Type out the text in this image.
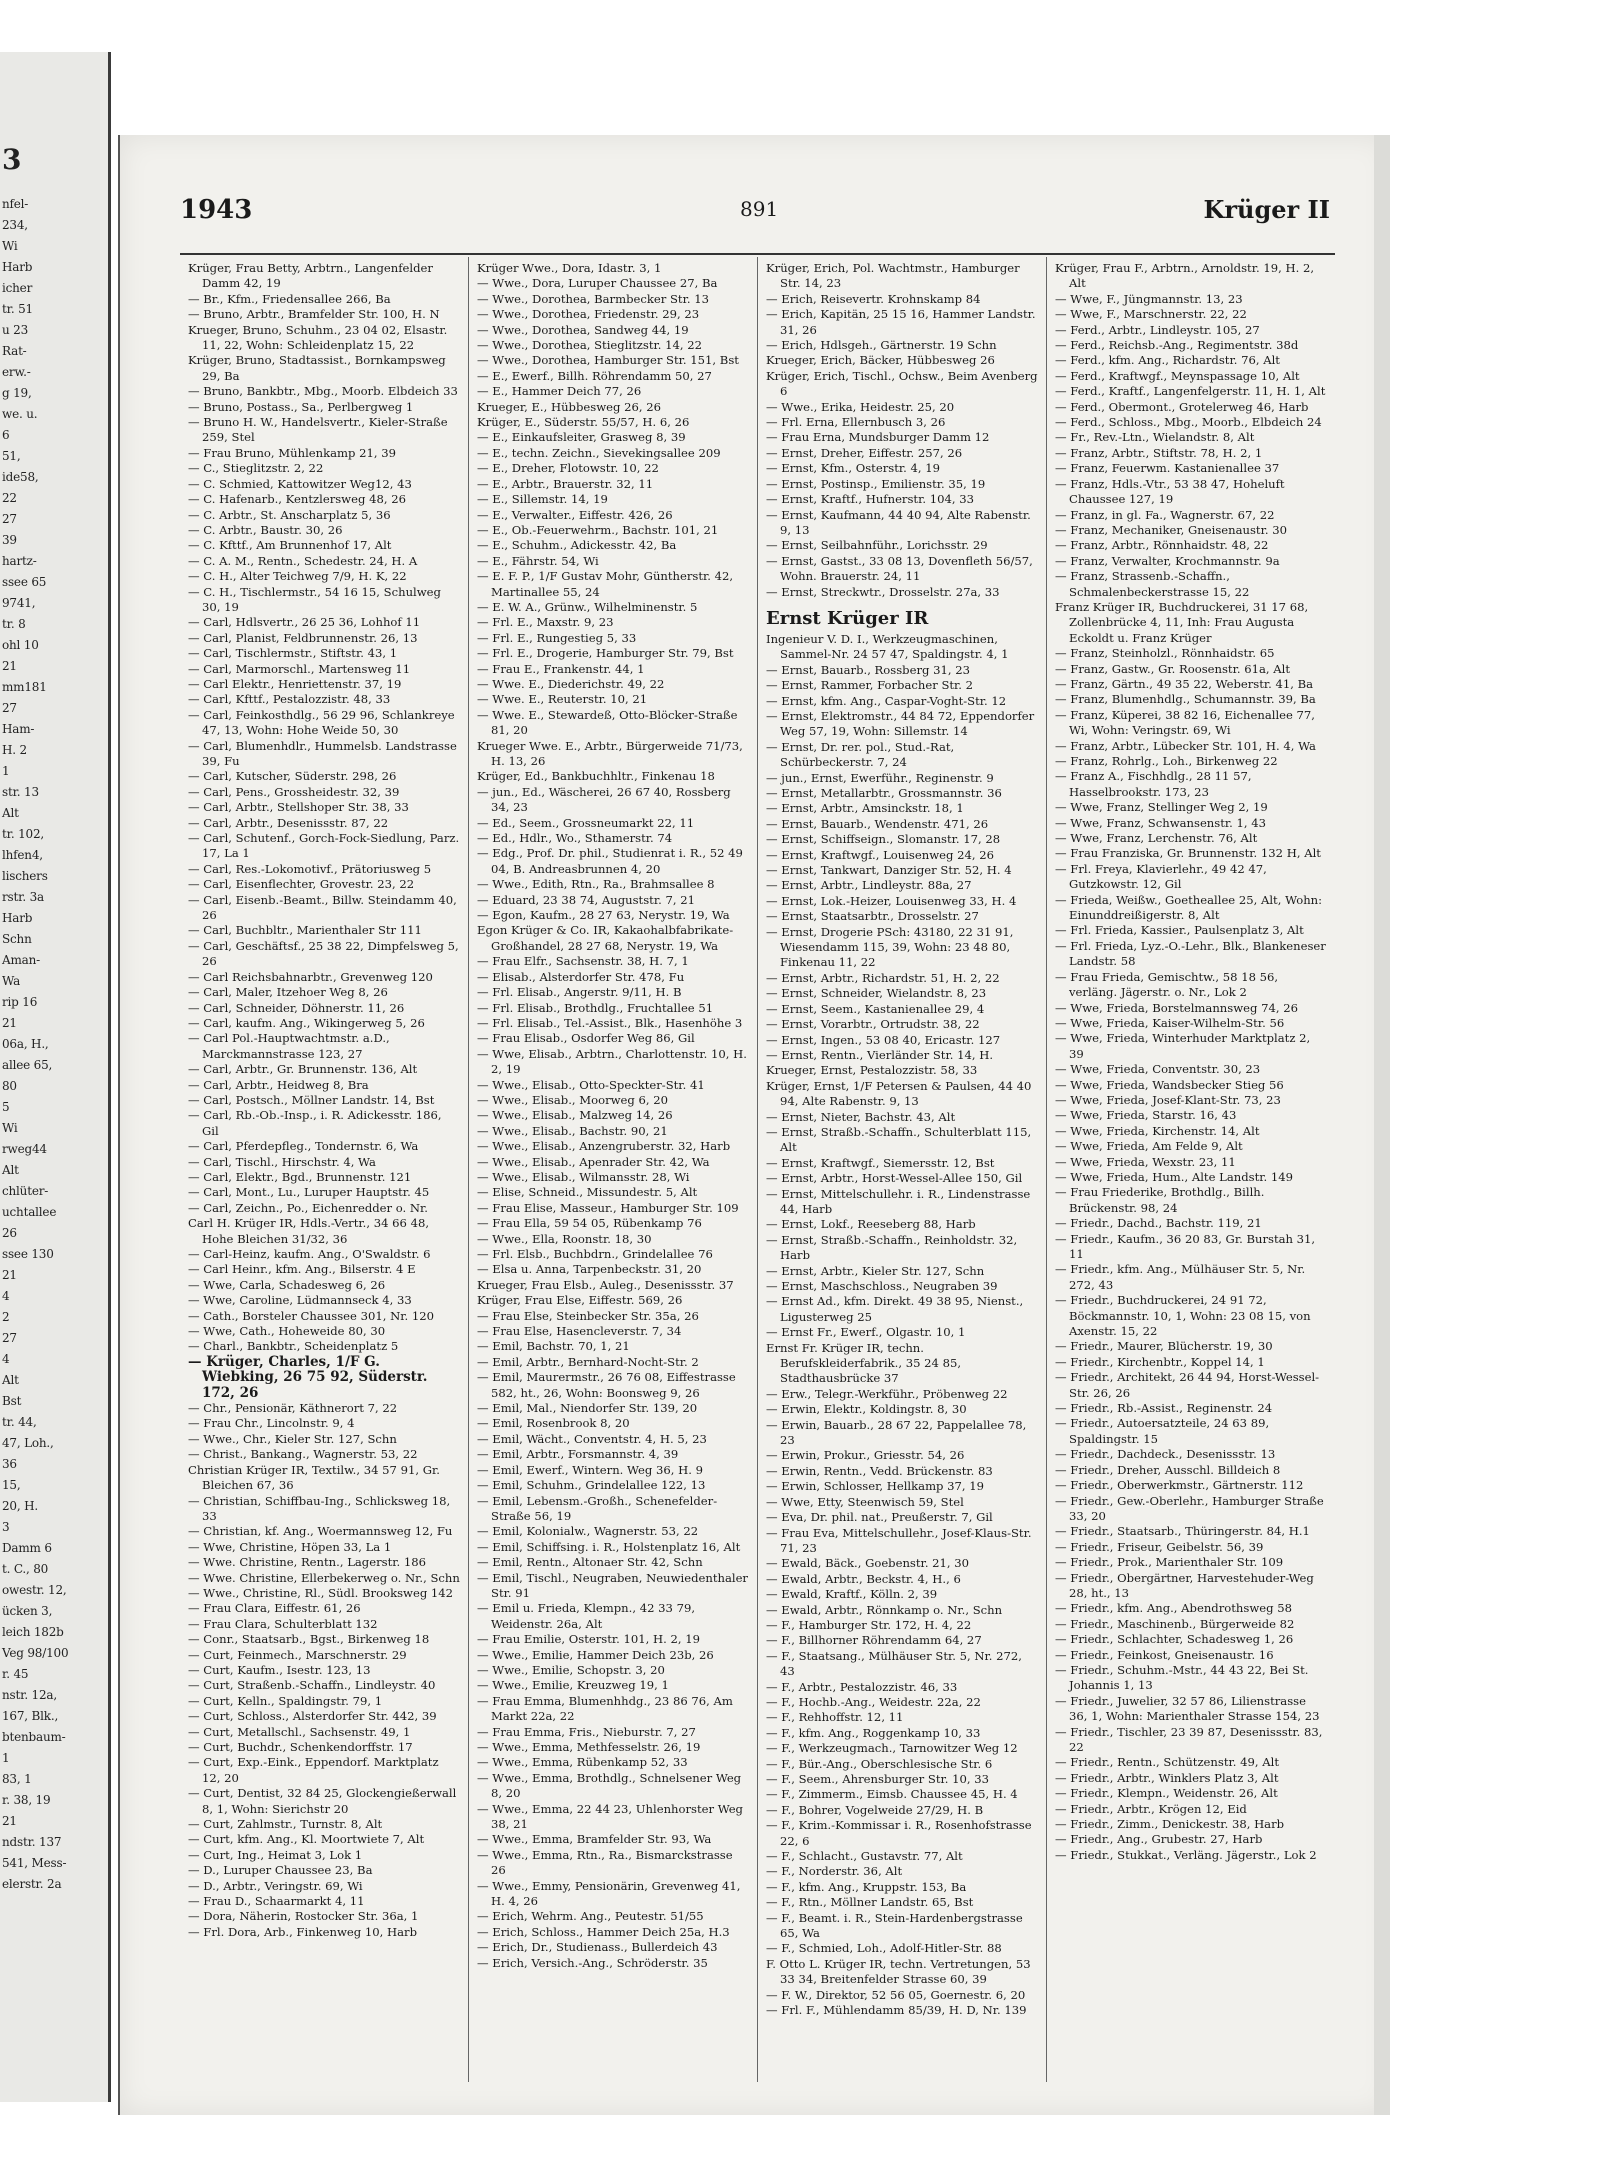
3
nfel-
234,
Wi
Harb
icher
tr. 51
u 23
Rat-
erw.-
g 19,
we. u.
6
51,
ide58,
22
27
39
hartz-
ssee 65
9741,
tr. 8
ohl 10
21
mm181
27
Ham-
H. 2
1
str. 13
Alt
tr. 102,
lhfen4,
lischers
rstr. 3a
Harb
Schn
Aman-
Wa
rip 16
21
06a, H.,
allee 65,
80
5
Wi
rweg44
Alt
chlüter-
uchtallee
26
ssee 130
21
4
2
27
4
Alt
Bst
tr. 44,
47, Loh.,
36
15,
20, H.
3
Damm 6
t. C., 80
owestr. 12,
ücken 3,
leich 182b
Veg 98/100
r. 45
nstr. 12a,
167, Blk.,
btenbaum-
1
83, 1
r. 38, 19
21
ndstr. 137
541, Mess-
elerstr. 2a
1943	891	Krüger II

Krüger, Frau Betty, Arbtrn., Langenfelder Damm 42, 19

— Br., Kfm., Friedensallee 266, Ba

— Bruno, Arbtr., Bramfelder Str. 100, H. N

Krueger, Bruno, Schuhm., 23 04 02, Elsastr. 11, 22, Wohn: Schleidenplatz 15, 22

Krüger, Bruno, Stadtassist., Bornkampsweg 29, Ba

— Bruno, Bankbtr., Mbg., Moorb. Elbdeich 33

— Bruno, Postass., Sa., Perlbergweg 1

— Bruno H. W., Handelsvertr., Kieler-Straße 259, Stel

— Frau Bruno, Mühlenkamp 21, 39

— C., Stieglitzstr. 2, 22

— C. Schmied, Kattowitzer Weg12, 43

— C. Hafenarb., Kentzlersweg 48, 26

— C. Arbtr., St. Anscharplatz 5, 36

— C. Arbtr., Baustr. 30, 26

— C. Kfttf., Am Brunnenhof 17, Alt

— C. A. M., Rentn., Schedestr. 24, H. A

— C. H., Alter Teichweg 7/9, H. K, 22

— C. H., Tischlermstr., 54 16 15, Schulweg 30, 19

— Carl, Hdlsvertr., 26 25 36, Lohhof 11

— Carl, Planist, Feldbrunnenstr. 26, 13

— Carl, Tischlermstr., Stiftstr. 43, 1

— Carl, Marmorschl., Martensweg 11

— Carl Elektr., Henriettenstr. 37, 19

— Carl, Kfttf., Pestalozzistr. 48, 33

— Carl, Feinkosthdlg., 56 29 96, Schlankreye 47, 13, Wohn: Hohe Weide 50, 30

— Carl, Blumenhdlr., Hummelsb. Landstrasse 39, Fu

— Carl, Kutscher, Süderstr. 298, 26

— Carl, Pens., Grossheidestr. 32, 39

— Carl, Arbtr., Stellshoper Str. 38, 33

— Carl, Arbtr., Desenissstr. 87, 22

— Carl, Schutenf., Gorch-Fock-Siedlung, Parz. 17, La 1

— Carl, Res.-Lokomotivf., Prätoriusweg 5

— Carl, Eisenflechter, Grovestr. 23, 22

— Carl, Eisenb.-Beamt., Billw. Steindamm 40, 26

— Carl, Buchbltr., Marienthaler Str 111

— Carl, Geschäftsf., 25 38 22, Dimpfelsweg 5, 26

— Carl Reichsbahnarbtr., Grevenweg 120

— Carl, Maler, Itzehoer Weg 8, 26

— Carl, Schneider, Döhnerstr. 11, 26

— Carl, kaufm. Ang., Wikingerweg 5, 26

— Carl Pol.-Hauptwachtmstr. a.D., Marckmannstrasse 123, 27

— Carl, Arbtr., Gr. Brunnenstr. 136, Alt

— Carl, Arbtr., Heidweg 8, Bra

— Carl, Postsch., Möllner Landstr. 14, Bst

— Carl, Rb.-Ob.-Insp., i. R. Adickesstr. 186, Gil

— Carl, Pferdepfleg., Tondernstr. 6, Wa

— Carl, Tischl., Hirschstr. 4, Wa

— Carl, Elektr., Bgd., Brunnenstr. 121

— Carl, Mont., Lu., Luruper Hauptstr. 45

— Carl, Zeichn., Po., Eichenredder o. Nr.

Carl H. Krüger IR, Hdls.-Vertr., 34 66 48, Hohe Bleichen 31/32, 36

— Carl-Heinz, kaufm. Ang., O'Swaldstr. 6

— Carl Heinr., kfm. Ang., Bilserstr. 4 E

— Wwe, Carla, Schadesweg 6, 26

— Wwe, Caroline, Lüdmannseck 4, 33

— Cath., Borsteler Chaussee 301, Nr. 120

— Wwe, Cath., Hoheweide 80, 30

— Charl., Bankbtr., Scheidenplatz 5

— Krüger, Charles, 1/F G. Wiebking, 26 75 92, Süderstr. 172, 26

— Chr., Pensionär, Käthnerort 7, 22

— Frau Chr., Lincolnstr. 9, 4

— Wwe., Chr., Kieler Str. 127, Schn

— Christ., Bankang., Wagnerstr. 53, 22

Christian Krüger IR, Textilw., 34 57 91, Gr. Bleichen 67, 36

— Christian, Schiffbau-Ing., Schlicksweg 18, 33

— Christian, kf. Ang., Woermannsweg 12, Fu

— Wwe, Christine, Höpen 33, La 1

— Wwe. Christine, Rentn., Lagerstr. 186

— Wwe. Christine, Ellerbekerweg o. Nr., Schn

— Wwe., Christine, Rl., Südl. Brooksweg 142

— Frau Clara, Eiffestr. 61, 26

— Frau Clara, Schulterblatt 132

— Conr., Staatsarb., Bgst., Birkenweg 18

— Curt, Feinmech., Marschnerstr. 29

— Curt, Kaufm., Isestr. 123, 13

— Curt, Straßenb.-Schaffn., Lindleystr. 40

— Curt, Kelln., Spaldingstr. 79, 1

— Curt, Schloss., Alsterdorfer Str. 442, 39

— Curt, Metallschl., Sachsenstr. 49, 1

— Curt, Buchdr., Schenkendorffstr. 17

— Curt, Exp.-Eink., Eppendorf. Marktplatz 12, 20

— Curt, Dentist, 32 84 25, Glockengießerwall 8, 1, Wohn: Sierichstr 20

— Curt, Zahlmstr., Turnstr. 8, Alt

— Curt, kfm. Ang., Kl. Moortwiete 7, Alt

— Curt, Ing., Heimat 3, Lok 1

— D., Luruper Chaussee 23, Ba

— D., Arbtr., Veringstr. 69, Wi

— Frau D., Schaarmarkt 4, 11

— Dora, Näherin, Rostocker Str. 36a, 1

— Frl. Dora, Arb., Finkenweg 10, Harb

Krüger Wwe., Dora, Idastr. 3, 1

— Wwe., Dora, Luruper Chaussee 27, Ba

— Wwe., Dorothea, Barmbecker Str. 13

— Wwe., Dorothea, Friedenstr. 29, 23

— Wwe., Dorothea, Sandweg 44, 19

— Wwe., Dorothea, Stieglitzstr. 14, 22

— Wwe., Dorothea, Hamburger Str. 151, Bst

— E., Ewerf., Billh. Röhrendamm 50, 27

— E., Hammer Deich 77, 26

Krueger, E., Hübbesweg 26, 26

Krüger, E., Süderstr. 55/57, H. 6, 26

— E., Einkaufsleiter, Grasweg 8, 39

— E., techn. Zeichn., Sievekingsallee 209

— E., Dreher, Flotowstr. 10, 22

— E., Arbtr., Brauerstr. 32, 11

— E., Sillemstr. 14, 19

— E., Verwalter., Eiffestr. 426, 26

— E., Ob.-Feuerwehrm., Bachstr. 101, 21

— E., Schuhm., Adickesstr. 42, Ba

— E., Fährstr. 54, Wi

— E. F. P., 1/F Gustav Mohr, Güntherstr. 42, Martinallee 55, 24

— E. W. A., Grünw., Wilhelminenstr. 5

— Frl. E., Maxstr. 9, 23

— Frl. E., Rungestieg 5, 33

— Frl. E., Drogerie, Hamburger Str. 79, Bst

— Frau E., Frankenstr. 44, 1

— Wwe. E., Diederichstr. 49, 22

— Wwe. E., Reuterstr. 10, 21

— Wwe. E., Stewardeß, Otto-Blöcker-Straße 81, 20

Krueger Wwe. E., Arbtr., Bürgerweide 71/73, H. 13, 26

Krüger, Ed., Bankbuchhltr., Finkenau 18

— jun., Ed., Wäscherei, 26 67 40, Rossberg 34, 23

— Ed., Seem., Grossneumarkt 22, 11

— Ed., Hdlr., Wo., Sthamerstr. 74

— Edg., Prof. Dr. phil., Studienrat i. R., 52 49 04, B. Andreasbrunnen 4, 20

— Wwe., Edith, Rtn., Ra., Brahmsallee 8

— Eduard, 23 38 74, Auguststr. 7, 21

— Egon, Kaufm., 28 27 63, Nerystr. 19, Wa

Egon Krüger & Co. IR, Kakaohalbfabrikate-Großhandel, 28 27 68, Nerystr. 19, Wa

— Frau Elfr., Sachsenstr. 38, H. 7, 1

— Elisab., Alsterdorfer Str. 478, Fu

— Frl. Elisab., Angerstr. 9/11, H. B

— Frl. Elisab., Brothdlg., Fruchtallee 51

— Frl. Elisab., Tel.-Assist., Blk., Hasenhöhe 3

— Frau Elisab., Osdorfer Weg 86, Gil

— Wwe, Elisab., Arbtrn., Charlottenstr. 10, H. 2, 19

— Wwe., Elisab., Otto-Speckter-Str. 41

— Wwe., Elisab., Moorweg 6, 20

— Wwe., Elisab., Malzweg 14, 26

— Wwe., Elisab., Bachstr. 90, 21

— Wwe., Elisab., Anzengruberstr. 32, Harb

— Wwe., Elisab., Apenrader Str. 42, Wa

— Wwe., Elisab., Wilmansstr. 28, Wi

— Elise, Schneid., Missundestr. 5, Alt

— Frau Elise, Masseur., Hamburger Str. 109

— Frau Ella, 59 54 05, Rübenkamp 76

— Wwe., Ella, Roonstr. 18, 30

— Frl. Elsb., Buchbdrn., Grindelallee 76

— Elsa u. Anna, Tarpenbeckstr. 31, 20

Krueger, Frau Elsb., Auleg., Desenissstr. 37

Krüger, Frau Else, Eiffestr. 569, 26

— Frau Else, Steinbecker Str. 35a, 26

— Frau Else, Hasencleverstr. 7, 34

— Emil, Bachstr. 70, 1, 21

— Emil, Arbtr., Bernhard-Nocht-Str. 2

— Emil, Maurermstr., 26 76 08, Eiffestrasse 582, ht., 26, Wohn: Boonsweg 9, 26

— Emil, Mal., Niendorfer Str. 139, 20

— Emil, Rosenbrook 8, 20

— Emil, Wächt., Conventstr. 4, H. 5, 23

— Emil, Arbtr., Forsmannstr. 4, 39

— Emil, Ewerf., Wintern. Weg 36, H. 9

— Emil, Schuhm., Grindelallee 122, 13

— Emil, Lebensm.-Großh., Schenefelder-Straße 56, 19

— Emil, Kolonialw., Wagnerstr. 53, 22

— Emil, Schiffsing. i. R., Holstenplatz 16, Alt

— Emil, Rentn., Altonaer Str. 42, Schn

— Emil, Tischl., Neugraben, Neuwiedenthaler Str. 91

— Emil u. Frieda, Klempn., 42 33 79, Weidenstr. 26a, Alt

— Frau Emilie, Osterstr. 101, H. 2, 19

— Wwe., Emilie, Hammer Deich 23b, 26

— Wwe., Emilie, Schopstr. 3, 20

— Wwe., Emilie, Kreuzweg 19, 1

— Frau Emma, Blumenhhdg., 23 86 76, Am Markt 22a, 22

— Frau Emma, Fris., Nieburstr. 7, 27

— Wwe., Emma, Methfesselstr. 26, 19

— Wwe., Emma, Rübenkamp 52, 33

— Wwe., Emma, Brothdlg., Schnelsener Weg 8, 20

— Wwe., Emma, 22 44 23, Uhlenhorster Weg 38, 21

— Wwe., Emma, Bramfelder Str. 93, Wa

— Wwe., Emma, Rtn., Ra., Bismarckstrasse 26

— Wwe., Emmy, Pensionärin, Grevenweg 41, H. 4, 26

— Erich, Wehrm. Ang., Peutestr. 51/55

— Erich, Schloss., Hammer Deich 25a, H.3

— Erich, Dr., Studienass., Bullerdeich 43

— Erich, Versich.-Ang., Schröderstr. 35

Krüger, Erich, Pol. Wachtmstr., Hamburger Str. 14, 23

— Erich, Reisevertr. Krohnskamp 84

— Erich, Kapitän, 25 15 16, Hammer Landstr. 31, 26

— Erich, Hdlsgeh., Gärtnerstr. 19 Schn

Krueger, Erich, Bäcker, Hübbesweg 26

Krüger, Erich, Tischl., Ochsw., Beim Avenberg 6

— Wwe., Erika, Heidestr. 25, 20

— Frl. Erna, Ellernbusch 3, 26

— Frau Erna, Mundsburger Damm 12

— Ernst, Dreher, Eiffestr. 257, 26

— Ernst, Kfm., Osterstr. 4, 19

— Ernst, Postinsp., Emilienstr. 35, 19

— Ernst, Kraftf., Hufnerstr. 104, 33

— Ernst, Kaufmann, 44 40 94, Alte Rabenstr. 9, 13

— Ernst, Seilbahnführ., Lorichsstr. 29

— Ernst, Gastst., 33 08 13, Dovenfleth 56/57, Wohn. Brauerstr. 24, 11

— Ernst, Streckwtr., Drosselstr. 27a, 33

Ernst Krüger IR

Ingenieur V. D. I., Werkzeugmaschinen, Sammel-Nr. 24 57 47, Spaldingstr. 4, 1

— Ernst, Bauarb., Rossberg 31, 23

— Ernst, Rammer, Forbacher Str. 2

— Ernst, kfm. Ang., Caspar-Voght-Str. 12

— Ernst, Elektromstr., 44 84 72, Eppendorfer Weg 57, 19, Wohn: Sillemstr. 14

— Ernst, Dr. rer. pol., Stud.-Rat, Schürbeckerstr. 7, 24

— jun., Ernst, Ewerführ., Reginenstr. 9

— Ernst, Metallarbtr., Grossmannstr. 36

— Ernst, Arbtr., Amsinckstr. 18, 1

— Ernst, Bauarb., Wendenstr. 471, 26

— Ernst, Schiffseign., Slomanstr. 17, 28

— Ernst, Kraftwgf., Louisenweg 24, 26

— Ernst, Tankwart, Danziger Str. 52, H. 4

— Ernst, Arbtr., Lindleystr. 88a, 27

— Ernst, Lok.-Heizer, Louisenweg 33, H. 4

— Ernst, Staatsarbtr., Drosselstr. 27

— Ernst, Drogerie PSch: 43180, 22 31 91, Wiesendamm 115, 39, Wohn: 23 48 80, Finkenau 11, 22

— Ernst, Arbtr., Richardstr. 51, H. 2, 22

— Ernst, Schneider, Wielandstr. 8, 23

— Ernst, Seem., Kastanienallee 29, 4

— Ernst, Vorarbtr., Ortrudstr. 38, 22

— Ernst, Ingen., 53 08 40, Ericastr. 127

— Ernst, Rentn., Vierländer Str. 14, H.

Krueger, Ernst, Pestalozzistr. 58, 33

Krüger, Ernst, 1/F Petersen & Paulsen, 44 40 94, Alte Rabenstr. 9, 13

— Ernst, Nieter, Bachstr. 43, Alt

— Ernst, Straßb.-Schaffn., Schulterblatt 115, Alt

— Ernst, Kraftwgf., Siemersstr. 12, Bst

— Ernst, Arbtr., Horst-Wessel-Allee 150, Gil

— Ernst, Mittelschullehr. i. R., Lindenstrasse 44, Harb

— Ernst, Lokf., Reeseberg 88, Harb

— Ernst, Straßb.-Schaffn., Reinholdstr. 32, Harb

— Ernst, Arbtr., Kieler Str. 127, Schn

— Ernst, Maschschloss., Neugraben 39

— Ernst Ad., kfm. Direkt. 49 38 95, Nienst., Ligusterweg 25

— Ernst Fr., Ewerf., Olgastr. 10, 1

Ernst Fr. Krüger IR, techn. Berufskleiderfabrik., 35 24 85, Stadthausbrücke 37

— Erw., Telegr.-Werkführ., Pröbenweg 22

— Erwin, Elektr., Koldingstr. 8, 30

— Erwin, Bauarb., 28 67 22, Pappelallee 78, 23

— Erwin, Prokur., Griesstr. 54, 26

— Erwin, Rentn., Vedd. Brückenstr. 83

— Erwin, Schlosser, Hellkamp 37, 19

— Wwe, Etty, Steenwisch 59, Stel

— Eva, Dr. phil. nat., Preußerstr. 7, Gil

— Frau Eva, Mittelschullehr., Josef-Klaus-Str. 71, 23

— Ewald, Bäck., Goebenstr. 21, 30

— Ewald, Arbtr., Beckstr. 4, H., 6

— Ewald, Kraftf., Kölln. 2, 39

— Ewald, Arbtr., Rönnkamp o. Nr., Schn

— F., Hamburger Str. 172, H. 4, 22

— F., Billhorner Röhrendamm 64, 27

— F., Staatsang., Mülhäuser Str. 5, Nr. 272, 43

— F., Arbtr., Pestalozzistr. 46, 33

— F., Hochb.-Ang., Weidestr. 22a, 22

— F., Rehhoffstr. 12, 11

— F., kfm. Ang., Roggenkamp 10, 33

— F., Werkzeugmach., Tarnowitzer Weg 12

— F., Bür.-Ang., Oberschlesische Str. 6

— F., Seem., Ahrensburger Str. 10, 33

— F., Zimmerm., Eimsb. Chaussee 45, H. 4

— F., Bohrer, Vogelweide 27/29, H. B

— F., Krim.-Kommissar i. R., Rosenhofstrasse 22, 6

— F., Schlacht., Gustavstr. 77, Alt

— F., Norderstr. 36, Alt

— F., kfm. Ang., Kruppstr. 153, Ba

— F., Rtn., Möllner Landstr. 65, Bst

— F., Beamt. i. R., Stein-Hardenbergstrasse 65, Wa

— F., Schmied, Loh., Adolf-Hitler-Str. 88

F. Otto L. Krüger IR, techn. Vertretungen, 53 33 34, Breitenfelder Strasse 60, 39

— F. W., Direktor, 52 56 05, Goernestr. 6, 20

— Frl. F., Mühlendamm 85/39, H. D, Nr. 139

Krüger, Frau F., Arbtrn., Arnoldstr. 19, H. 2, Alt

— Wwe, F., Jüngmannstr. 13, 23

— Wwe, F., Marschnerstr. 22, 22

— Ferd., Arbtr., Lindleystr. 105, 27

— Ferd., Reichsb.-Ang., Regimentstr. 38d

— Ferd., kfm. Ang., Richardstr. 76, Alt

— Ferd., Kraftwgf., Meynspassage 10, Alt

— Ferd., Kraftf., Langenfelgerstr. 11, H. 1, Alt

— Ferd., Obermont., Grotelerweg 46, Harb

— Ferd., Schloss., Mbg., Moorb., Elbdeich 24

— Fr., Rev.-Ltn., Wielandstr. 8, Alt

— Franz, Arbtr., Stiftstr. 78, H. 2, 1

— Franz, Feuerwm. Kastanienallee 37

— Franz, Hdls.-Vtr., 53 38 47, Hoheluft Chaussee 127, 19

— Franz, in gl. Fa., Wagnerstr. 67, 22

— Franz, Mechaniker, Gneisenaustr. 30

— Franz, Arbtr., Rönnhaidstr. 48, 22

— Franz, Verwalter, Krochmannstr. 9a

— Franz, Strassenb.-Schaffn., Schmalenbeckerstrasse 15, 22

Franz Krüger IR, Buchdruckerei, 31 17 68, Zollenbrücke 4, 11, Inh: Frau Augusta Eckoldt u. Franz Krüger

— Franz, Steinholzl., Rönnhaidstr. 65

— Franz, Gastw., Gr. Roosenstr. 61a, Alt

— Franz, Gärtn., 49 35 22, Weberstr. 41, Ba

— Franz, Blumenhdlg., Schumannstr. 39, Ba

— Franz, Küperei, 38 82 16, Eichenallee 77, Wi, Wohn: Veringstr. 69, Wi

— Franz, Arbtr., Lübecker Str. 101, H. 4, Wa

— Franz, Rohrlg., Loh., Birkenweg 22

— Franz A., Fischhdlg., 28 11 57, Hasselbrookstr. 173, 23

— Wwe, Franz, Stellinger Weg 2, 19

— Wwe, Franz, Schwansenstr. 1, 43

— Wwe, Franz, Lerchenstr. 76, Alt

— Frau Franziska, Gr. Brunnenstr. 132 H, Alt

— Frl. Freya, Klavierlehr., 49 42 47, Gutzkowstr. 12, Gil

— Frieda, Weißw., Goetheallee 25, Alt, Wohn: Einunddreißigerstr. 8, Alt

— Frl. Frieda, Kassier., Paulsenplatz 3, Alt

— Frl. Frieda, Lyz.-O.-Lehr., Blk., Blankeneser Landstr. 58

— Frau Frieda, Gemischtw., 58 18 56, verläng. Jägerstr. o. Nr., Lok 2

— Wwe, Frieda, Borstelmannsweg 74, 26

— Wwe, Frieda, Kaiser-Wilhelm-Str. 56

— Wwe, Frieda, Winterhuder Marktplatz 2, 39

— Wwe, Frieda, Conventstr. 30, 23

— Wwe, Frieda, Wandsbecker Stieg 56

— Wwe, Frieda, Josef-Klant-Str. 73, 23

— Wwe, Frieda, Starstr. 16, 43

— Wwe, Frieda, Kirchenstr. 14, Alt

— Wwe, Frieda, Am Felde 9, Alt

— Wwe, Frieda, Wexstr. 23, 11

— Wwe, Frieda, Hum., Alte Landstr. 149

— Frau Friederike, Brothdlg., Billh. Brückenstr. 98, 24

— Friedr., Dachd., Bachstr. 119, 21

— Friedr., Kaufm., 36 20 83, Gr. Burstah 31, 11

— Friedr., kfm. Ang., Mülhäuser Str. 5, Nr. 272, 43

— Friedr., Buchdruckerei, 24 91 72, Böckmannstr. 10, 1, Wohn: 23 08 15, von Axenstr. 15, 22

— Friedr., Maurer, Blücherstr. 19, 30

— Friedr., Kirchenbtr., Koppel 14, 1

— Friedr., Architekt, 26 44 94, Horst-Wessel-Str. 26, 26

— Friedr., Rb.-Assist., Reginenstr. 24

— Friedr., Autoersatzteile, 24 63 89, Spaldingstr. 15

— Friedr., Dachdeck., Desenissstr. 13

— Friedr., Dreher, Ausschl. Billdeich 8

— Friedr., Oberwerkmstr., Gärtnerstr. 112

— Friedr., Gew.-Oberlehr., Hamburger Straße 33, 20

— Friedr., Staatsarb., Thüringerstr. 84, H.1

— Friedr., Friseur, Geibelstr. 56, 39

— Friedr., Prok., Marienthaler Str. 109

— Friedr., Obergärtner, Harvestehuder-Weg 28, ht., 13

— Friedr., kfm. Ang., Abendrothsweg 58

— Friedr., Maschinenb., Bürgerweide 82

— Friedr., Schlachter, Schadesweg 1, 26

— Friedr., Feinkost, Gneisenaustr. 16

— Friedr., Schuhm.-Mstr., 44 43 22, Bei St. Johannis 1, 13

— Friedr., Juwelier, 32 57 86, Lilienstrasse 36, 1, Wohn: Marienthaler Strasse 154, 23

— Friedr., Tischler, 23 39 87, Desenissstr. 83, 22

— Friedr., Rentn., Schützenstr. 49, Alt

— Friedr., Arbtr., Winklers Platz 3, Alt

— Friedr., Klempn., Weidenstr. 26, Alt

— Friedr., Arbtr., Krögen 12, Eid

— Friedr., Zimm., Denickestr. 38, Harb

— Friedr., Ang., Grubestr. 27, Harb

— Friedr., Stukkat., Verläng. Jägerstr., Lok 2
